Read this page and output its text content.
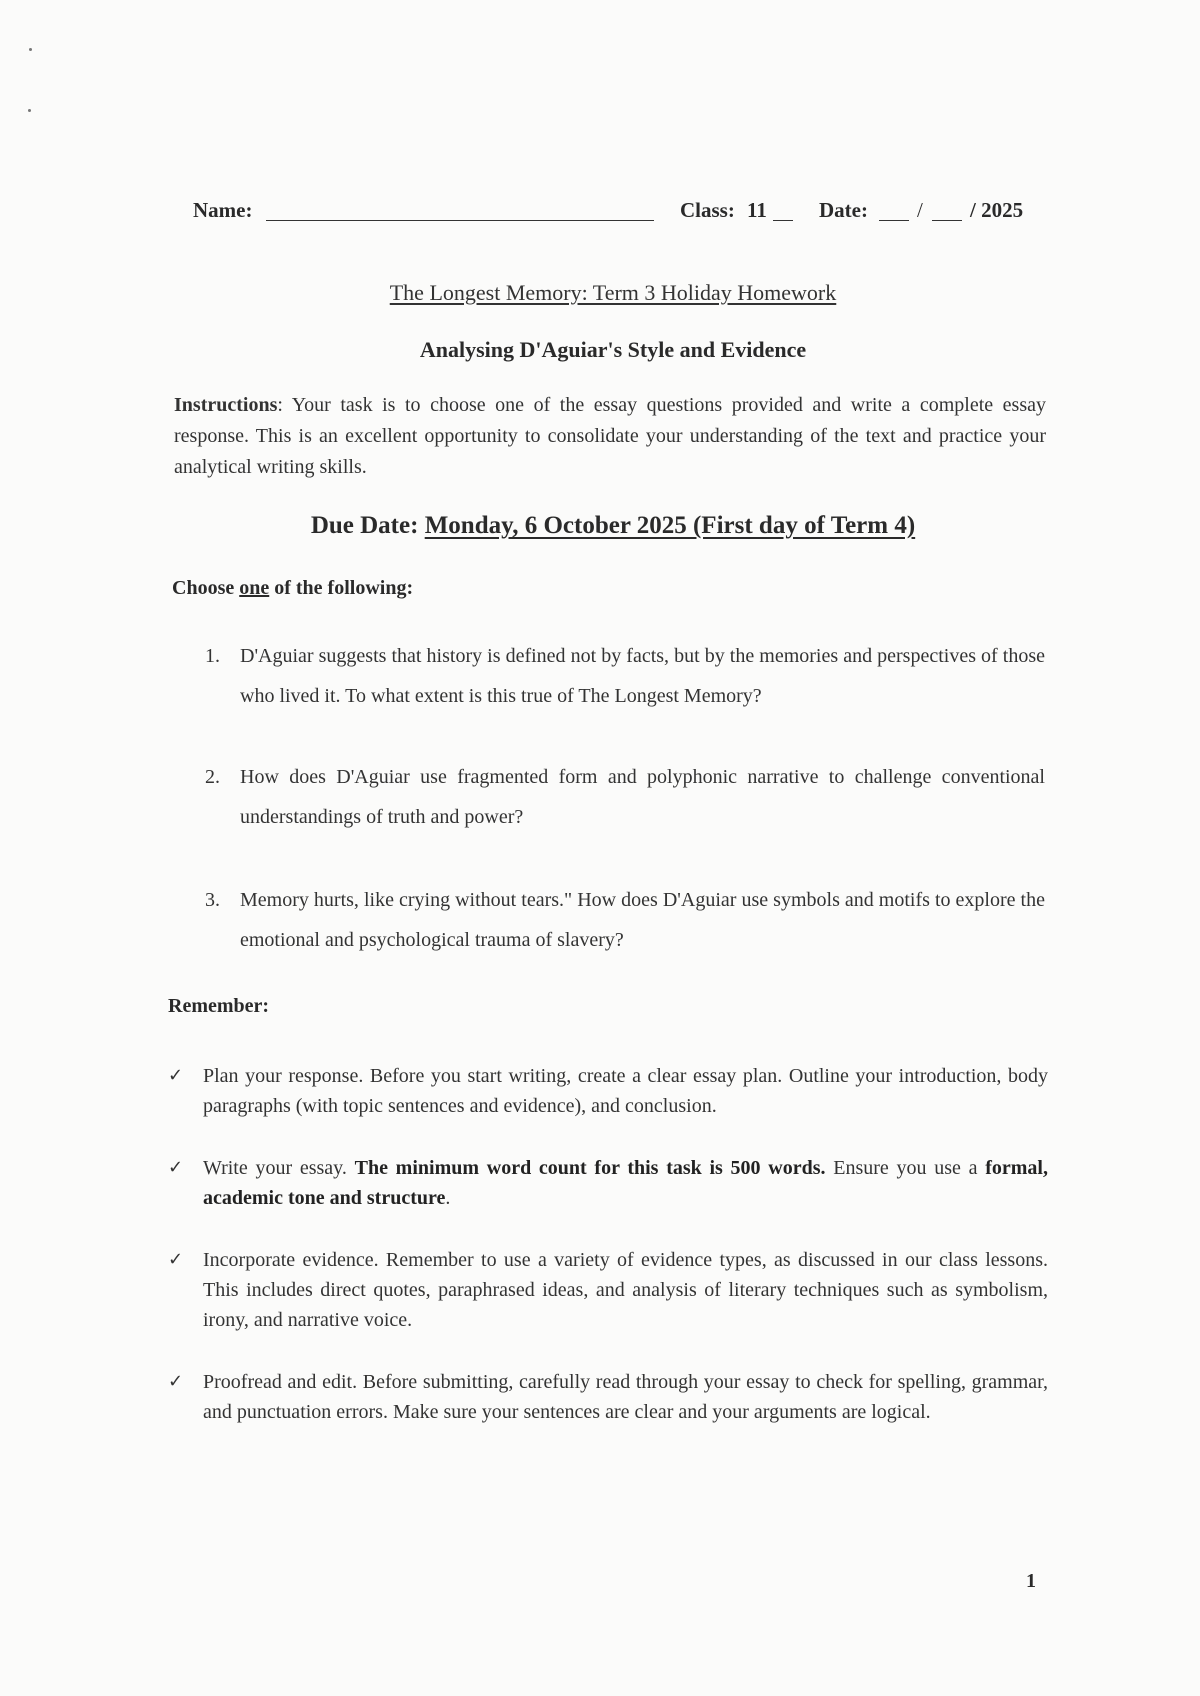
Name:	Class: 11 Date: / / 2025
The Longest Memory: Term 3 Holiday Homework
Analysing D'Aguiar's Style and Evidence
Instructions: Your task is to choose one of the essay questions provided and write a complete essay response. This is an excellent opportunity to consolidate your understanding of the text and practice your analytical writing skills.
Due Date: Monday, 6 October 2025 (First day of Term 4)
Choose one of the following:
1. D'Aguiar suggests that history is defined not by facts, but by the memories and perspectives of those who lived it. To what extent is this true of The Longest Memory?
2. How does D'Aguiar use fragmented form and polyphonic narrative to challenge conventional understandings of truth and power?
3. Memory hurts, like crying without tears." How does D'Aguiar use symbols and motifs to explore the emotional and psychological trauma of slavery?
Remember:
✓ Plan your response. Before you start writing, create a clear essay plan. Outline your introduction, body paragraphs (with topic sentences and evidence), and conclusion.
✓ Write your essay. The minimum word count for this task is 500 words. Ensure you use a formal, academic tone and structure.
✓ Incorporate evidence. Remember to use a variety of evidence types, as discussed in our class lessons. This includes direct quotes, paraphrased ideas, and analysis of literary techniques such as symbolism, irony, and narrative voice.
✓ Proofread and edit. Before submitting, carefully read through your essay to check for spelling, grammar, and punctuation errors. Make sure your sentences are clear and your arguments are logical.
1
